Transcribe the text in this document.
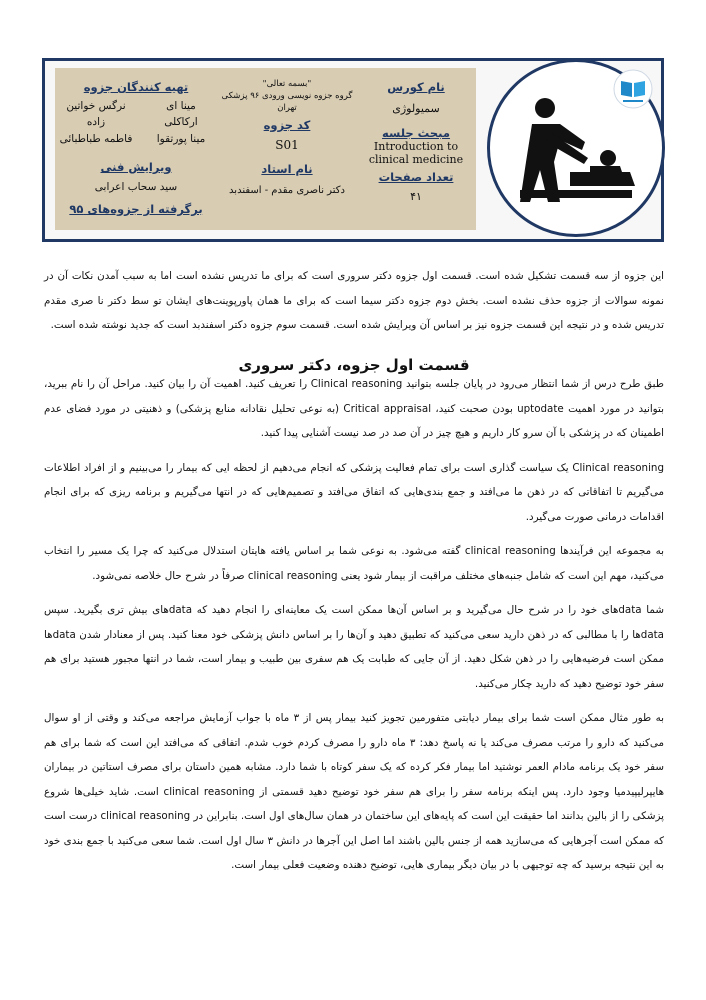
نام کورس
سمیولوژی
مبحث جلسه
Introduction to clinical medicine
تعداد صفحات
۴۱
"بسمه تعالی"
گروه جزوه نویسی ورودی ۹۶ پزشکی تهران
کد جزوه
S01
نام استاد
دکتر ناصری مقدم - اسفندبد
تهیه کنندگان جزوه
مینا ای ارکاکلی
مینا پورتقوا
نرگس خواتین زاده
فاطمه طباطبائی
ویرایش فنی
سید سحاب اعرابی
برگرفته از جزوه‌های ۹۵

این جزوه از سه قسمت تشکیل شده است. قسمت اول جزوه دکتر سروری است که برای ما تدریس نشده است اما به سبب آمدن نکات آن در نمونه سوالات از جزوه حذف نشده است. بخش دوم جزوه دکتر سیما است که برای ما همان پاورپوینت‌های ایشان تو سط دکتر نا صری مقدم تدریس شده و در نتیجه این قسمت جزوه نیز بر اساس آن ویرایش شده است. قسمت سوم جزوه دکتر اسفندبد است که جدید نوشته شده است.

قسمت اول جزوه، دکتر سروری

طبق طرح درس از شما انتظار می‌رود در پایان جلسه بتوانید Clinical reasoning را تعریف کنید. اهمیت آن را بیان کنید. مراحل آن را نام ببرید، بتوانید در مورد اهمیت uptodate بودن صحبت کنید، Critical appraisal (به نوعی تحلیل نقادانه منابع پزشکی) و ذهنیتی در مورد فضای عدم اطمینان که در پزشکی با آن سرو کار داریم و هیچ چیز در آن صد در صد نیست آشنایی پیدا کنید.

Clinical reasoning یک سیاست گذاری است برای تمام فعالیت پزشکی که انجام می‌دهیم از لحظه ایی که بیمار را می‌بینیم و از افراد اطلاعات می‌گیریم تا اتفاقاتی که در ذهن ما می‌افتد و جمع بندی‌هایی که اتفاق می‌افتد و تصمیم‌هایی که در انتها می‌گیریم و برنامه ریزی که برای انجام اقدامات درمانی صورت می‌گیرد.

به مجموعه این فرآیندها clinical reasoning گفته می‌شود. به نوعی شما بر اساس یافته هایتان استدلال می‌کنید که چرا یک مسیر را انتخاب می‌کنید، مهم این است که شامل جنبه‌های مختلف مراقبت از بیمار شود یعنی clinical reasoning صرفاً در شرح حال خلاصه نمی‌شود.

شما dataهای خود را در شرح حال می‌گیرید و بر اساس آن‌ها ممکن است یک معاینه‌ای را انجام دهید که dataهای بیش تری بگیرید. سپس dataها را با مطالبی که در ذهن دارید سعی می‌کنید که تطبیق دهید و آن‌ها را بر اساس دانش پزشکی خود معنا کنید. پس از معنادار شدن dataها ممکن است فرضیه‌هایی را در ذهن شکل دهید. از آن جایی که طبابت یک هم سفری بین طبیب و بیمار است، شما در انتها مجبور هستید برای هم سفر خود توضیح دهید که دارید چکار می‌کنید.

به طور مثال ممکن است شما برای بیمار دیابتی متفورمین تجویز کنید بیمار پس از ۳ ماه با جواب آزمایش مراجعه می‌کند و وقتی از او سوال می‌کنید که دارو را مرتب مصرف می‌کند یا نه پاسخ دهد: ۳ ماه دارو را مصرف کردم خوب شدم. اتفاقی که می‌افتد این است که شما برای هم سفر خود یک برنامه مادام العمر نوشتید اما بیمار فکر کرده که یک سفر کوتاه با شما دارد. مشابه همین داستان برای مصرف استاتین در بیماران هایپرلیپیدمیا وجود دارد. پس اینکه برنامه سفر را برای هم سفر خود توضیح دهید قسمتی از clinical reasoning است. شاید خیلی‌ها شروع پزشکی را از بالین بدانند اما حقیقت این است که پایه‌های این ساختمان در همان سال‌های اول است. بنابراین در clinical reasoning درست است که ممکن است آجرهایی که می‌سازید همه از جنس بالین باشند اما اصل این آجرها در دانش ۳ سال اول است. شما سعی می‌کنید با جمع بندی خود به این نتیجه برسید که چه توجیهی با در بیان دیگر بیماری هایی، توضیح دهنده وضعیت فعلی بیمار است.
